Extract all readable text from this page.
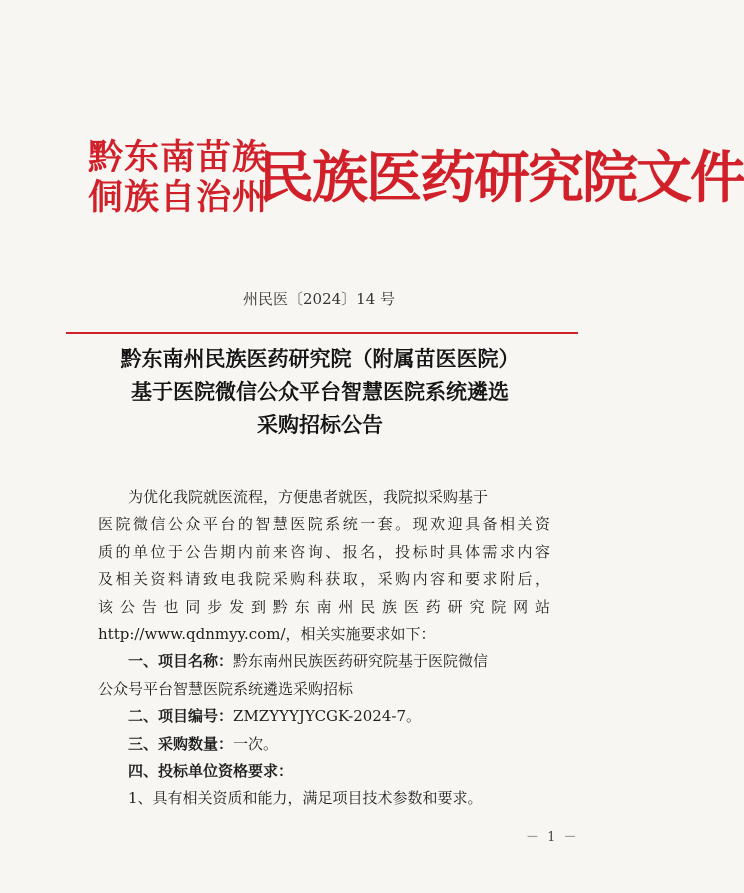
黔东南苗族
侗族自治州
民族医药研究院文件
州民医〔2024〕14 号
黔东南州民族医药研究院（附属苗医医院）
基于医院微信公众平台智慧医院系统遴选
采购招标公告

为优化我院就医流程，方便患者就医，我院拟采购基于

医院微信公众平台的智慧医院系统一套。现欢迎具备相关资

质的单位于公告期内前来咨询、报名，投标时具体需求内容

及相关资料请致电我院采购科获取，采购内容和要求附后，

该公告也同步发到黔东南州民族医药研究院网站

http://www.qdnmyy.com/，相关实施要求如下：

一、项目名称：黔东南州民族医药研究院基于医院微信

公众号平台智慧医院系统遴选采购招标

二、项目编号：ZMZYYYJYCGK-2024-7。

三、采购数量：一次。

四、投标单位资格要求：

1、具有相关资质和能力，满足项目技术参数和要求。

－ 1 －
